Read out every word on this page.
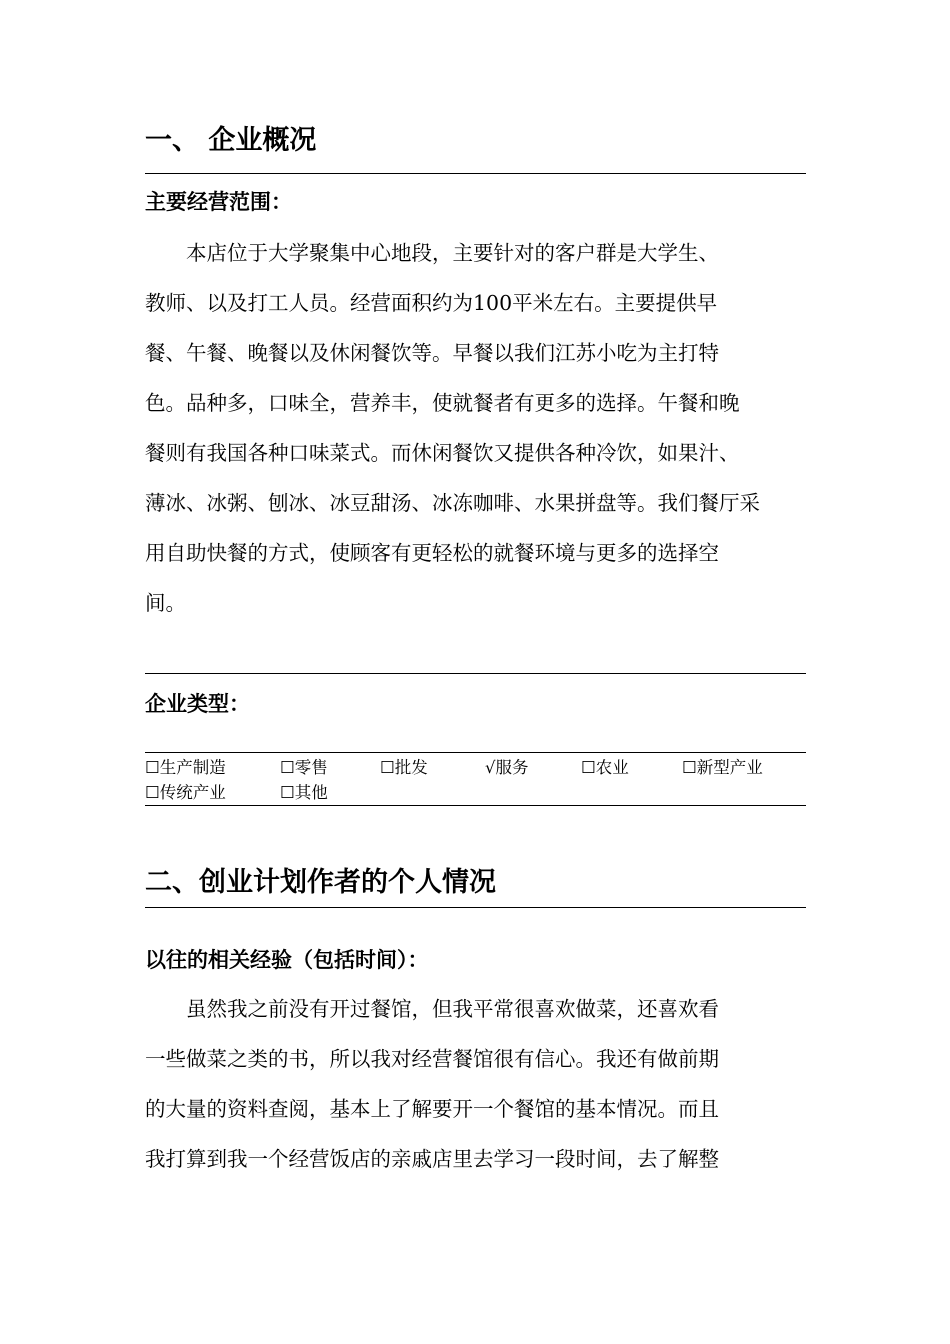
一、 企业概况
主要经营范围：
　　本店位于大学聚集中心地段，主要针对的客户群是大学生、
教师、以及打工人员。经营面积约为100平米左右。主要提供早
餐、午餐、晚餐以及休闲餐饮等。早餐以我们江苏小吃为主打特
色。品种多，口味全，营养丰，使就餐者有更多的选择。午餐和晚
餐则有我国各种口味菜式。而休闲餐饮又提供各种冷饮，如果汁、
薄冰、冰粥、刨冰、冰豆甜汤、冰冻咖啡、水果拼盘等。我们餐厅采
用自助快餐的方式，使顾客有更轻松的就餐环境与更多的选择空
间。
企业类型：
☐生产制造	☐零售	☐批发	√服务	☐农业	☐新型产业
☐传统产业	☐其他
二、创业计划作者的个人情况
以往的相关经验（包括时间）：
　　虽然我之前没有开过餐馆，但我平常很喜欢做菜，还喜欢看
一些做菜之类的书，所以我对经营餐馆很有信心。我还有做前期
的大量的资料查阅，基本上了解要开一个餐馆的基本情况。而且
我打算到我一个经营饭店的亲戚店里去学习一段时间，去了解整
